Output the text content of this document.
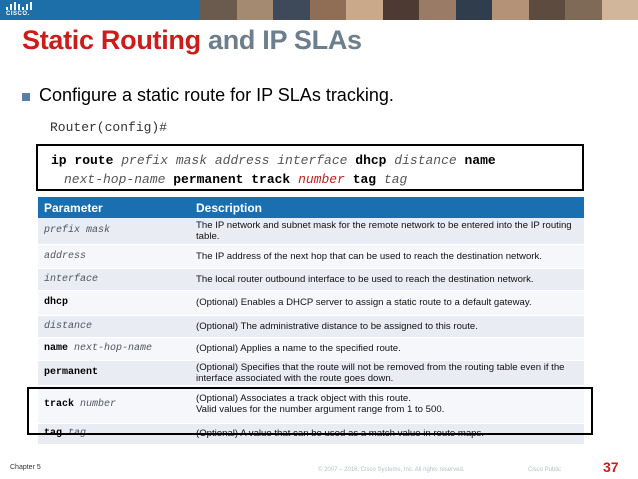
CISCO.
Static Routing and IP SLAs
Configure a static route for IP SLAs tracking.
Router(config)#
ip route prefix mask address interface dhcp distance name
next-hop-name permanent track number tag tag
Parameter	Description
prefix mask	The IP network and subnet mask for the remote network to be entered into the IP routing table.
address	The IP address of the next hop that can be used to reach the destination network.
interface	The local router outbound interface to be used to reach the destination network.
dhcp	(Optional) Enables a DHCP server to assign a static route to a default gateway.
distance	(Optional) The administrative distance to be assigned to this route.
name next-hop-name	(Optional) Applies a name to the specified route.
permanent	(Optional) Specifies that the route will not be removed from the routing table even if the interface associated with the route goes down.
track number	(Optional) Associates a track object with this route.
Valid values for the number argument range from 1 to 500.
tag tag	(Optional) A value that can be used as a match value in route maps.
Chapter 5	© 2007 – 2016, Cisco Systems, Inc. All rights reserved.	Cisco Public	37
